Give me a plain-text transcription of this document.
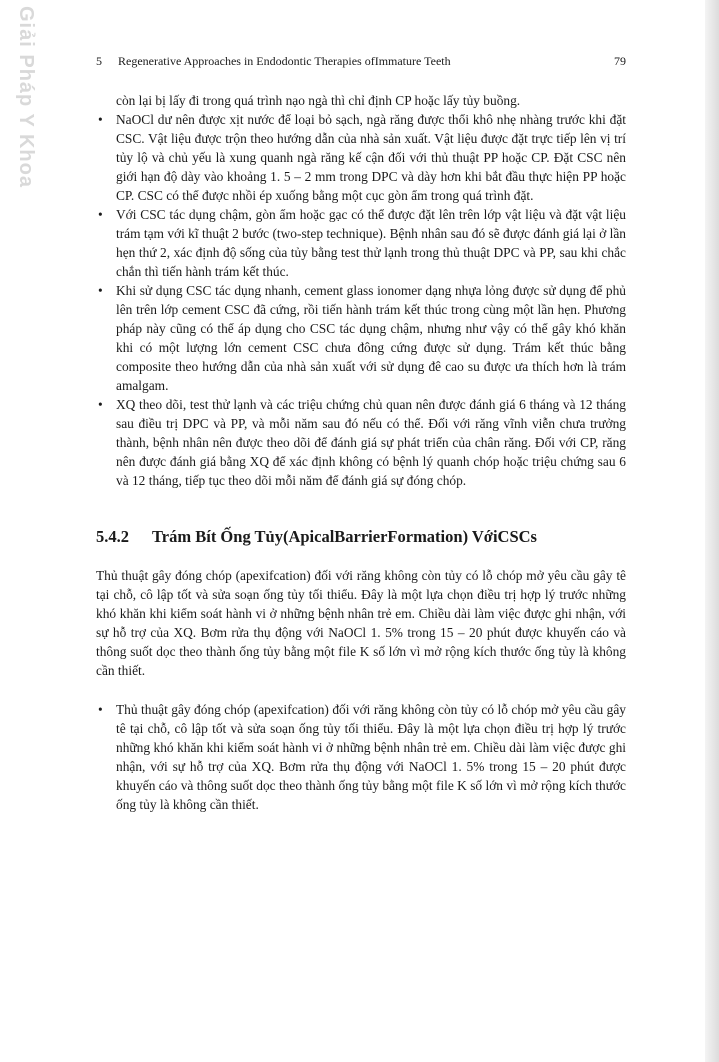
Giải Pháp Y Khoa	5	Regenerative Approaches in Endodontic Therapies ofImmature Teeth	79

còn lại bị lấy đi trong quá trình nạo ngà thì chỉ định CP hoặc lấy tủy buồng.

• NaOCl dư nên được xịt nước để loại bỏ sạch, ngà răng được thổi khô nhẹ nhàng trước khi đặt CSC. Vật liệu được trộn theo hướng dẫn của nhà sản xuất. Vật liệu được đặt trực tiếp lên vị trí tủy lộ và chủ yếu là xung quanh ngà răng kế cận đối với thủ thuật PP hoặc CP. Đặt CSC nên giới hạn độ dày vào khoảng 1. 5 – 2 mm trong DPC và dày hơn khi bắt đầu thực hiện PP hoặc CP. CSC có thể được nhồi ép xuống bằng một cục gòn ẩm trong quá trình đặt.
• Với CSC tác dụng chậm, gòn ẩm hoặc gạc có thể được đặt lên trên lớp vật liệu và đặt vật liệu trám tạm với kĩ thuật 2 bước (two-step technique). Bệnh nhân sau đó sẽ được đánh giá lại ở lần hẹn thứ 2, xác định độ sống của tủy bằng test thử lạnh trong thủ thuật DPC và PP, sau khi chắc chắn thì tiến hành trám kết thúc.
• Khi sử dụng CSC tác dụng nhanh, cement glass ionomer dạng nhựa lỏng được sử dụng để phủ lên trên lớp cement CSC đã cứng, rồi tiến hành trám kết thúc trong cùng một lần hẹn. Phương pháp này cũng có thể áp dụng cho CSC tác dụng chậm, nhưng như vậy có thể gây khó khăn khi có một lượng lớn cement CSC chưa đông cứng được sử dụng. Trám kết thúc bằng composite theo hướng dẫn của nhà sản xuất với sử dụng đê cao su được ưa thích hơn là trám amalgam.
• XQ theo dõi, test thử lạnh và các triệu chứng chủ quan nên được đánh giá 6 tháng và 12 tháng sau điều trị DPC và PP, và mỗi năm sau đó nếu có thể. Đối với răng vĩnh viễn chưa trưởng thành, bệnh nhân nên được theo dõi để đánh giá sự phát triển của chân răng. Đối với CP, răng nên được đánh giá bằng XQ để xác định không có bệnh lý quanh chóp hoặc triệu chứng sau 6 và 12 tháng, tiếp tục theo dõi mỗi năm để đánh giá sự đóng chóp.
5.4.2	Trám Bít Ống Tủy(ApicalBarrierFormation) VớiCSCs

Thủ thuật gây đóng chóp (apexifcation) đối với răng không còn tủy có lỗ chóp mở yêu cầu gây tê tại chỗ, cô lập tốt và sửa soạn ống tủy tối thiểu. Đây là một lựa chọn điều trị hợp lý trước những khó khăn khi kiểm soát hành vi ở những bệnh nhân trẻ em. Chiều dài làm việc được ghi nhận, với sự hỗ trợ của XQ. Bơm rửa thụ động với NaOCl 1. 5% trong 15 – 20 phút được khuyến cáo và thông suốt dọc theo thành ống tủy bằng một file K số lớn vì mở rộng kích thước ống tủy là không cần thiết.

• Thủ thuật gây đóng chóp (apexifcation) đối với răng không còn tủy có lỗ chóp mở yêu cầu gây tê tại chỗ, cô lập tốt và sửa soạn ống tủy tối thiểu. Đây là một lựa chọn điều trị hợp lý trước những khó khăn khi kiểm soát hành vi ở những bệnh nhân trẻ em. Chiều dài làm việc được ghi nhận, với sự hỗ trợ của XQ. Bơm rửa thụ động với NaOCl 1. 5% trong 15 – 20 phút được khuyến cáo và thông suốt dọc theo thành ống tủy bằng một file K số lớn vì mở rộng kích thước ống tủy là không cần thiết.
